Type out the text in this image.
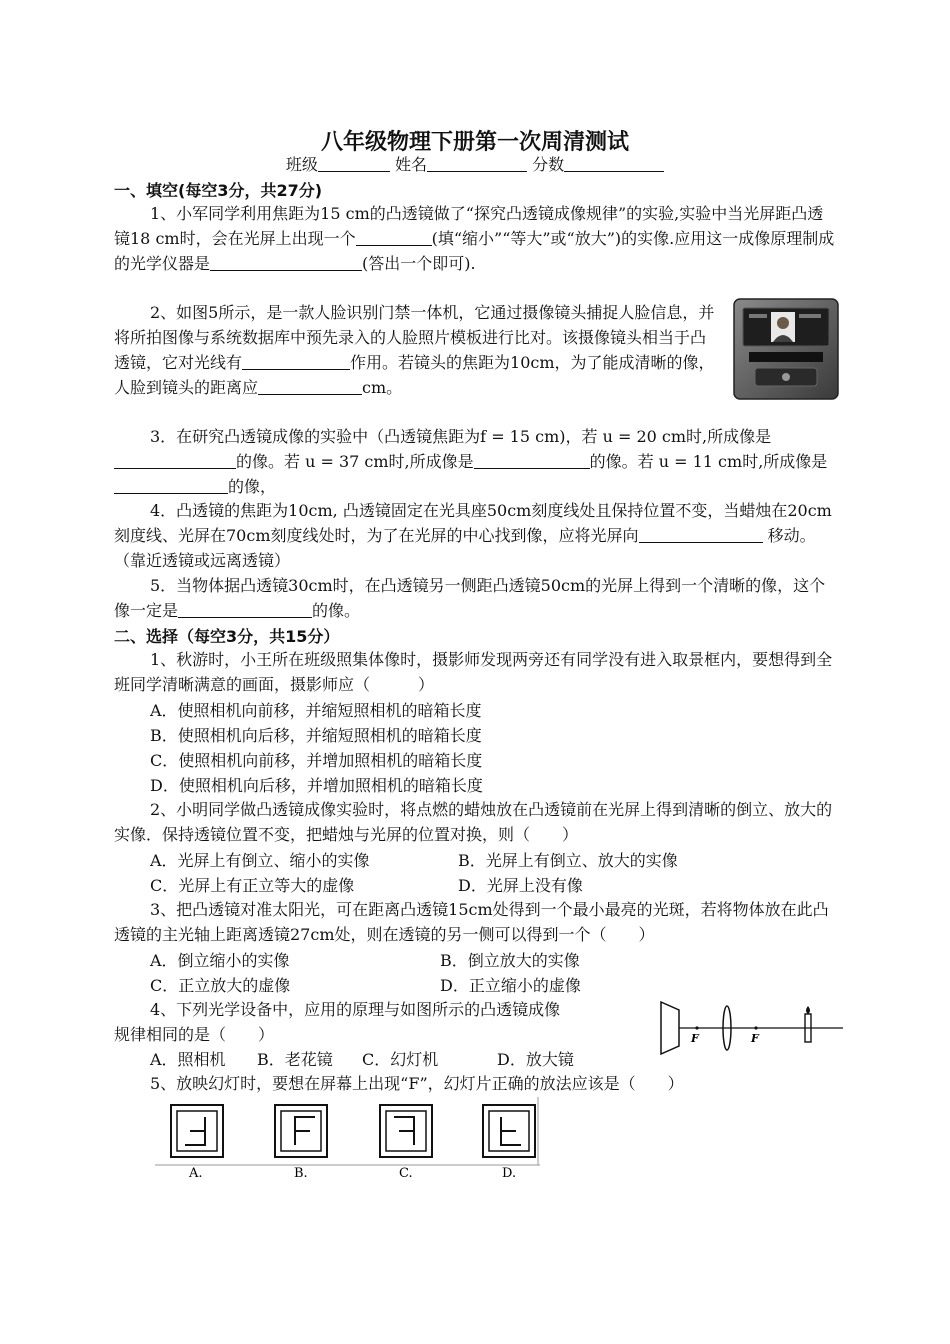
八年级物理下册第一次周清测试
班级	姓名	分数
一、填空(每空3分，共27分)
1、小军同学利用焦距为15 cm的凸透镜做了“探究凸透镜成像规律”的实验,实验中当光屏距凸透镜18 cm时，会在光屏上出现一个	(填“缩小”“等大”或“放大”)的实像.应用这一成像原理制成的光学仪器是	(答出一个即可).
2、如图5所示，是一款人脸识别门禁一体机，它通过摄像镜头捕捉人脸信息，并将所拍图像与系统数据库中预先录入的人脸照片模板进行比对。该摄像镜头相当于凸透镜，它对光线有	作用。若镜头的焦距为10cm，为了能成清晰的像，人脸到镜头的距离应	cm。
3．在研究凸透镜成像的实验中（凸透镜焦距为f = 15 cm)，若 u = 20 cm时,所成像是的像。若 u = 37 cm时,所成像是	的像。若 u = 11 cm时,所成像是的像，
4．凸透镜的焦距为10cm, 凸透镜固定在光具座50cm刻度线处且保持位置不变，当蜡烛在20cm刻度线、光屏在70cm刻度线处时，为了在光屏的中心找到像，应将光屏向	移动。（靠近透镜或远离透镜）
5．当物体据凸透镜30cm时，在凸透镜另一侧距凸透镜50cm的光屏上得到一个清晰的像，这个像一定是	的像。
二、选择（每空3分，共15分）
1、秋游时，小王所在班级照集体像时，摄影师发现两旁还有同学没有进入取景框内，要想得到全班同学清晰满意的画面，摄影师应（　　　）
A．使照相机向前移，并缩短照相机的暗箱长度
B．使照相机向后移，并缩短照相机的暗箱长度
C．使照相机向前移，并增加照相机的暗箱长度
D．使照相机向后移，并增加照相机的暗箱长度
2、小明同学做凸透镜成像实验时，将点燃的蜡烛放在凸透镜前在光屏上得到清晰的倒立、放大的实像．保持透镜位置不变，把蜡烛与光屏的位置对换，则（　　）
A．光屏上有倒立、缩小的实像	B．光屏上有倒立、放大的实像
C．光屏上有正立等大的虚像	D．光屏上没有像
3、把凸透镜对准太阳光，可在距离凸透镜15cm处得到一个最小最亮的光斑，若将物体放在此凸透镜的主光轴上距离透镜27cm处，则在透镜的另一侧可以得到一个（　　）
A．倒立缩小的实像	B．倒立放大的实像
C．正立放大的虚像	D．正立缩小的虚像
4、下列光学设备中，应用的原理与如图所示的凸透镜成像
规律相同的是（　　）
A．照相机 B．老花镜 C．幻灯机	D．放大镜
F	F
5、放映幻灯时，要想在屏幕上出现“F”，幻灯片正确的放法应该是（　　）
A.	B.	C.	D.
